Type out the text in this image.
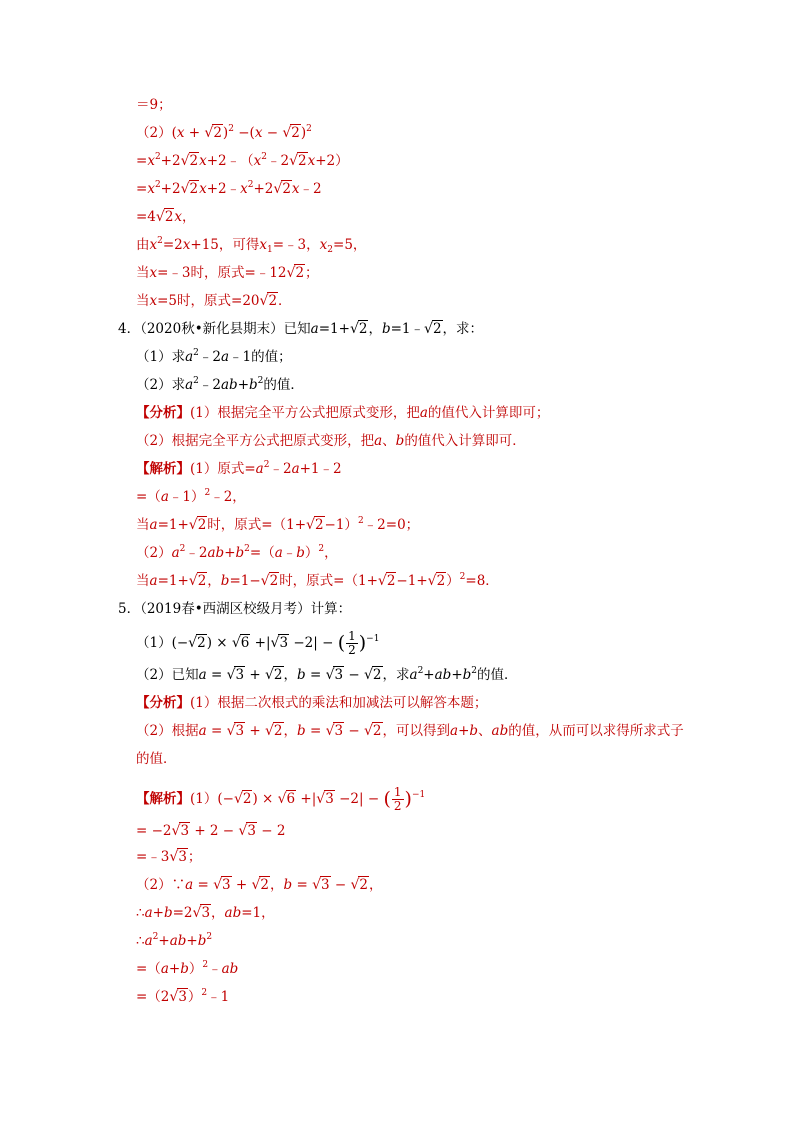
＝9；
$(2)(x + √2)^2 -(x - √2)^2$
$=x^2+2√2x+2﹣(x^2﹣2√2x+2)$
$=x^2+2√2x+2﹣x^2+2√2x﹣2$
=4√2x，
由$x^2=2x+15$，可得$x_1=﹣3$，$x_2=5$，
当x=﹣3时，原式=﹣12√2；
当x=5时，原式=20√2．
4．（2020秋•新化县期末）已知a=1+√2，b=1﹣√2，求：
（1）求$a^2﹣2a﹣1$的值；
（2）求$a^2﹣2ab+b^2$的值．
【分析】(1）根据完全平方公式把原式变形，把a的值代入计算即可；
（2）根据完全平方公式把原式变形，把a、b的值代入计算即可．
【解析】(1）原式$=a^2﹣2a+1﹣2$
=（a﹣1）$^2$﹣2，
当a=1+√2时，原式$=(1+√2-1)^2﹣2=0$；
$(2)a^2﹣2ab+b^2=(a﹣b)^2$，
当a=1+√2，b=1−√2时，原式$=(1+√2-1+√2)^2=8$．
5．（2019春•西湖区校级月考）计算：
（1）(−√2) × √6 +|√3 −2| − ( $\frac{1}{2} )^{-1}$
（2）已知a = √3 + √2，b = √3 − √2，求$a^2+ab+b^2$的值．
【分析】(1）根据二次根式的乘法和加减法可以解答本题；
（2）根据a = √3 + √2，b = √3 − √2，可以得到a+b、ab的值，从而可以求得所求式子
的值．
【解析】(1）(−√2) × √6 +|√3 −2| − ( $\frac{1}{2} )^{-1}$
= −2√3 + 2 − √3 − 2
=﹣3√3；
（2）∵a = √3 + √2，b = √3 − √2，
∴a+b=2√3，ab=1，
$\therefore a^2+ab+b^2$
$=(a+b)^2﹣ab$
$=(2√3)^2﹣1$
